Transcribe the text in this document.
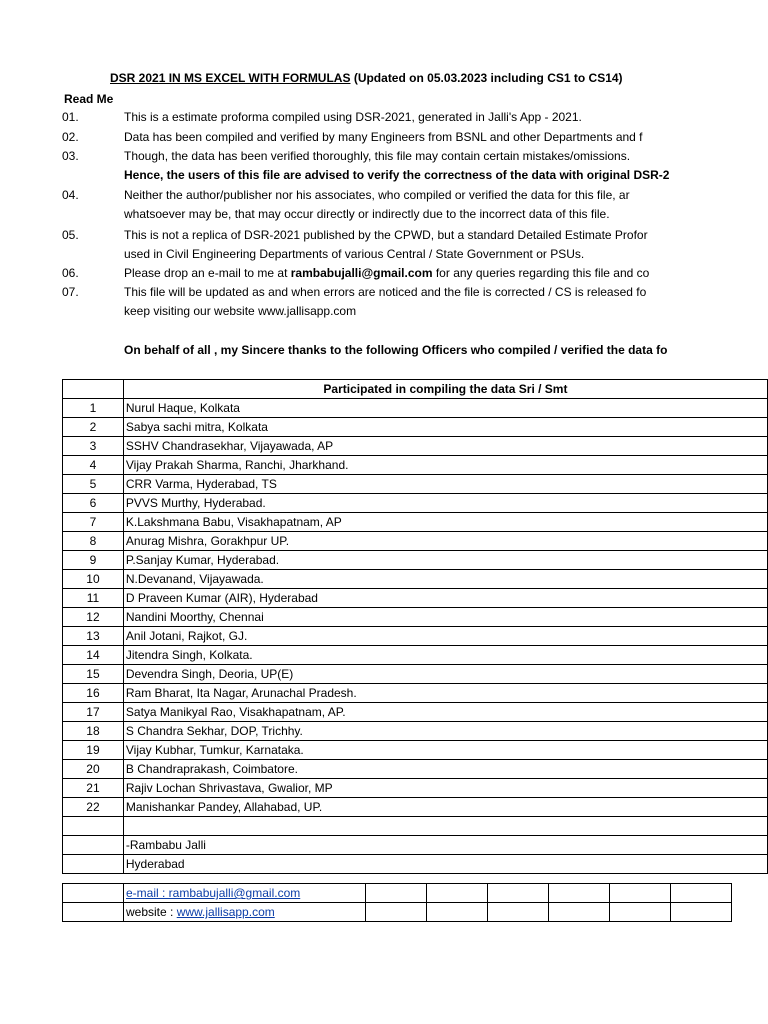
DSR 2021 IN MS EXCEL WITH FORMULAS (Updated on 05.03.2023 including CS1 to CS14)
Read Me
01.	This is a estimate proforma compiled using DSR-2021, generated in Jalli's App - 2021.
02.	Data has been compiled and verified by many Engineers from BSNL and other Departments and f
03.	Though, the data has been verified thoroughly, this file may contain certain mistakes/omissions.
Hence, the users of this file are advised to verify the correctness of the data with original DSR-2
04.	Neither the author/publisher nor his associates, who compiled or verified the data for this file, ar
whatsoever may be, that may occur directly or indirectly due to the incorrect data of this file.
05.	This is not a replica of DSR-2021 published by the CPWD, but a standard Detailed Estimate Profor
used in Civil Engineering Departments of various Central / State Government or PSUs.
06.	Please drop an e-mail to me at rambabujalli@gmail.com for any queries regarding this file and co
07.	This file will be updated as and when errors are noticed and the file is corrected / CS is released fo
keep visiting our website www.jallisapp.com
On behalf of all , my Sincere thanks to the following Officers who compiled / verified the data fo
	Participated in compiling the data Sri / Smt
1	Nurul Haque, Kolkata
2	Sabya sachi mitra, Kolkata
3	SSHV Chandrasekhar, Vijayawada, AP
4	Vijay Prakah Sharma, Ranchi, Jharkhand.
5	CRR Varma, Hyderabad, TS
6	PVVS Murthy, Hyderabad.
7	K.Lakshmana Babu, Visakhapatnam, AP
8	Anurag Mishra, Gorakhpur UP.
9	P.Sanjay Kumar, Hyderabad.
10	N.Devanand, Vijayawada.
11	D Praveen Kumar (AIR), Hyderabad
12	Nandini Moorthy, Chennai
13	Anil Jotani, Rajkot, GJ.
14	Jitendra Singh, Kolkata.
15	Devendra Singh, Deoria, UP(E)
16	Ram Bharat, Ita Nagar, Arunachal Pradesh.
17	Satya Manikyal Rao, Visakhapatnam, AP.
18	S Chandra Sekhar, DOP, Trichhy.
19	Vijay Kubhar, Tumkur, Karnataka.
20	B Chandraprakash, Coimbatore.
21	Rajiv Lochan Shrivastava, Gwalior, MP
22	Manishankar Pandey, Allahabad, UP.

	-Rambabu Jalli
	Hyderabad
	e-mail : rambabujalli@gmail.com						
	website : www.jallisapp.com						
